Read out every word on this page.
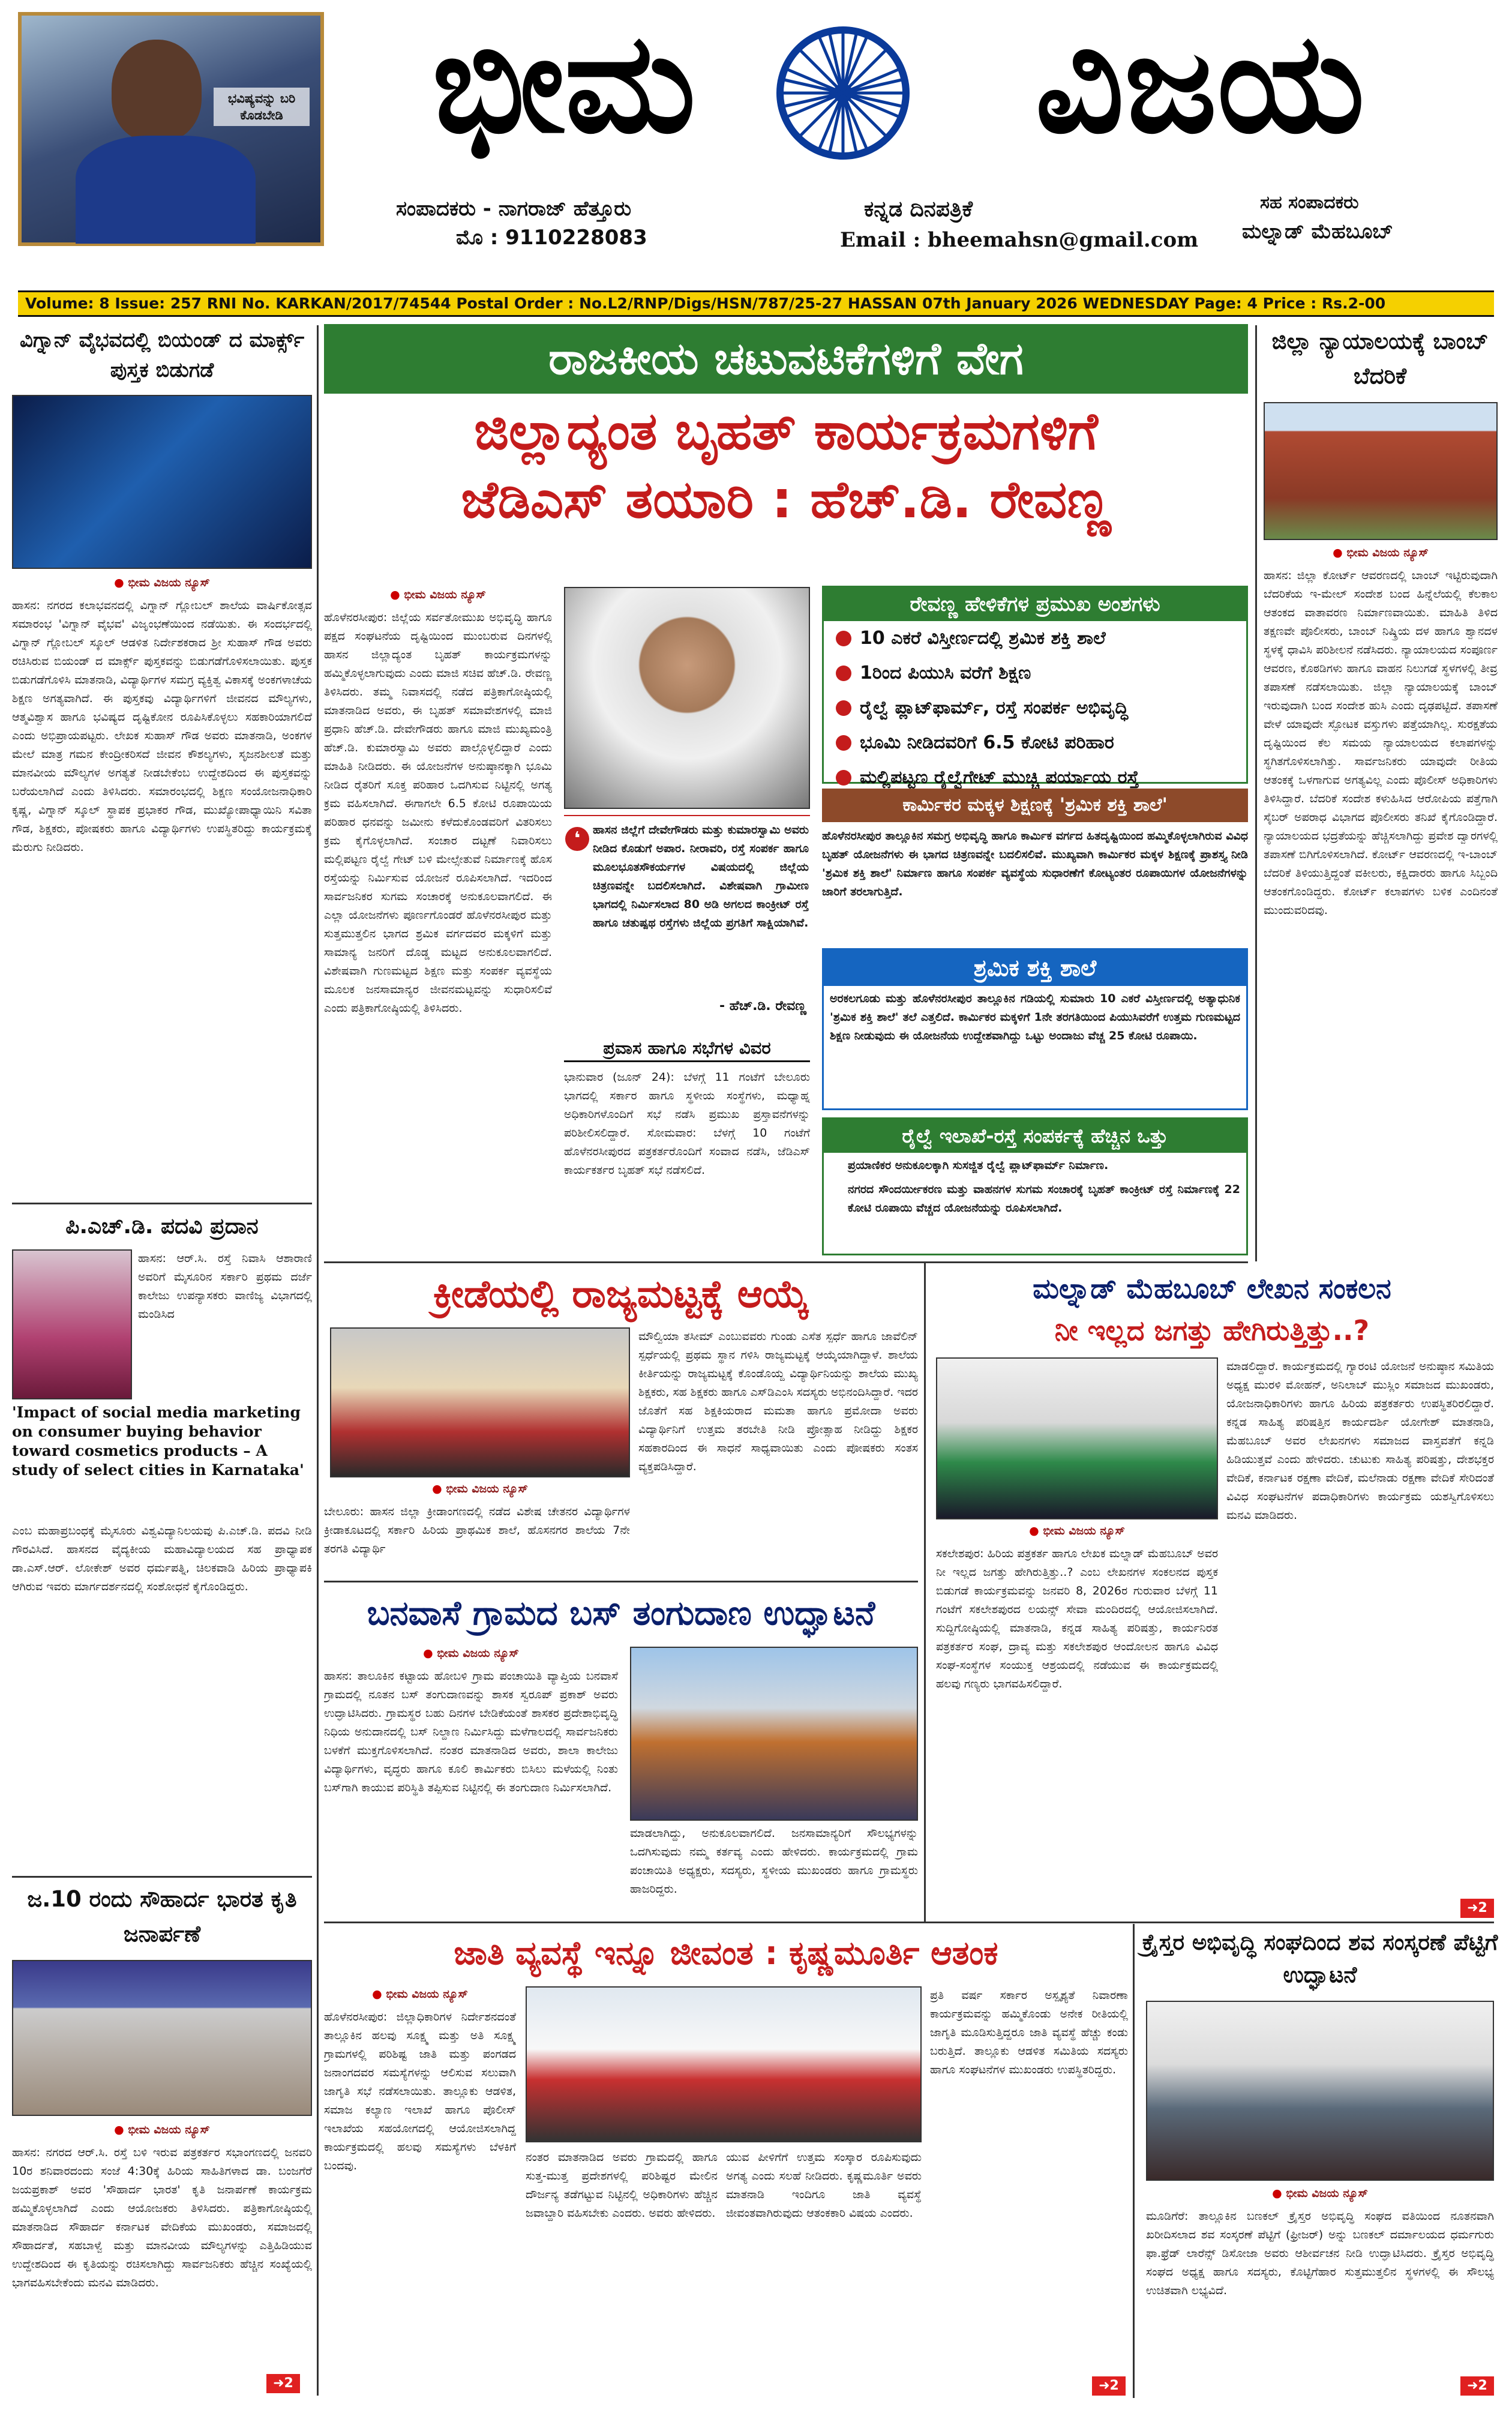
ಭವಿಷ್ಯವನ್ನು ಬರಿ ಕೊಡಬೇಡಿ	ಭೀಮ	ವಿಜಯ
ಸಂಪಾದಕರು - ನಾಗರಾಜ್ ಹೆತ್ತೂರು
ಮೊ : 9110228083
ಕನ್ನಡ ದಿನಪತ್ರಿಕೆ
Email : bheemahsn@gmail.com
ಸಹ ಸಂಪಾದಕರು
ಮಲ್ನಾಡ್ ಮೆಹಬೂಬ್
Volume: 8 Issue: 257 RNI No. KARKAN/2017/74544 Postal Order : No.L2/RNP/Digs/HSN/787/25-27 HASSAN 07th January 2026 WEDNESDAY Page: 4 Price : Rs.2-00
ವಿಗ್ನಾನ್ ವೈಭವದಲ್ಲಿ ಬಿಯಂಡ್ ದ ಮಾರ್ಕ್ಸ್ ಪುಸ್ತಕ ಬಿಡುಗಡೆ
● ಭೀಮ ವಿಜಯ ನ್ಯೂಸ್
ಹಾಸನ: ನಗರದ ಕಲಾಭವನದಲ್ಲಿ ವಿಗ್ನಾನ್ ಗ್ಲೋಬಲ್ ಶಾಲೆಯ ವಾರ್ಷಿಕೋತ್ಸವ ಸಮಾರಂಭ 'ವಿಗ್ನಾನ್ ವೈಭವ' ವಿಜೃಂಭಣೆಯಿಂದ ನಡೆಯಿತು. ಈ ಸಂದರ್ಭದಲ್ಲಿ ವಿಗ್ನಾನ್ ಗ್ಲೋಬಲ್ ಸ್ಕೂಲ್ ಆಡಳಿತ ನಿರ್ದೇಶಕರಾದ ಶ್ರೀ ಸುಹಾಸ್ ಗೌಡ ಅವರು ರಚಿಸಿರುವ ಬಿಯಂಡ್ ದ ಮಾರ್ಕ್ಸ್ ಪುಸ್ತಕವನ್ನು ಬಿಡುಗಡೆಗೊಳಿಸಲಾಯಿತು. ಪುಸ್ತಕ ಬಿಡುಗಡೆಗೊಳಿಸಿ ಮಾತನಾಡಿ, ವಿದ್ಯಾರ್ಥಿಗಳ ಸಮಗ್ರ ವ್ಯಕ್ತಿತ್ವ ವಿಕಾಸಕ್ಕೆ ಅಂಕಗಳಾಚೆಯ ಶಿಕ್ಷಣ ಅಗತ್ಯವಾಗಿದೆ. ಈ ಪುಸ್ತಕವು ವಿದ್ಯಾರ್ಥಿಗಳಿಗೆ ಜೀವನದ ಮೌಲ್ಯಗಳು, ಆತ್ಮವಿಶ್ವಾಸ ಹಾಗೂ ಭವಿಷ್ಯದ ದೃಷ್ಟಿಕೋನ ರೂಪಿಸಿಕೊಳ್ಳಲು ಸಹಕಾರಿಯಾಗಲಿದೆ ಎಂದು ಅಭಿಪ್ರಾಯಪಟ್ಟರು. ಲೇಖಕ ಸುಹಾಸ್ ಗೌಡ ಅವರು ಮಾತನಾಡಿ, ಅಂಕಗಳ ಮೇಲೆ ಮಾತ್ರ ಗಮನ ಕೇಂದ್ರೀಕರಿಸದೆ ಜೀವನ ಕೌಶಲ್ಯಗಳು, ಸೃಜನಶೀಲತೆ ಮತ್ತು ಮಾನವೀಯ ಮೌಲ್ಯಗಳ ಅಗತ್ಯತೆ ನೀಡಬೇಕೆಂಬ ಉದ್ದೇಶದಿಂದ ಈ ಪುಸ್ತಕವನ್ನು ಬರೆಯಲಾಗಿದೆ ಎಂದು ತಿಳಿಸಿದರು. ಸಮಾರಂಭದಲ್ಲಿ ಶಿಕ್ಷಣ ಸಂಯೋಜನಾಧಿಕಾರಿ ಕೃಷ್ಣ, ವಿಗ್ನಾನ್ ಸ್ಕೂಲ್ ಸ್ಥಾಪಕ ಪ್ರಭಾಕರ ಗೌಡ, ಮುಖ್ಯೋಪಾಧ್ಯಾಯಿನಿ ಸವಿತಾ ಗೌಡ, ಶಿಕ್ಷಕರು, ಪೋಷಕರು ಹಾಗೂ ವಿದ್ಯಾರ್ಥಿಗಳು ಉಪಸ್ಥಿತರಿದ್ದು ಕಾರ್ಯಕ್ರಮಕ್ಕೆ ಮೆರುಗು ನೀಡಿದರು.
ಪಿ.ಎಚ್.ಡಿ. ಪದವಿ ಪ್ರದಾನ
ಹಾಸನ: ಆರ್.ಸಿ. ರಸ್ತೆ ನಿವಾಸಿ ಆಶಾರಾಣಿ ಅವರಿಗೆ ಮೈಸೂರಿನ ಸರ್ಕಾರಿ ಪ್ರಥಮ ದರ್ಜೆ ಕಾಲೇಜು ಉಪನ್ಯಾಸಕರು ವಾಣಿಜ್ಯ ವಿಭಾಗದಲ್ಲಿ ಮಂಡಿಸಿದ
'Impact of social media marketing on consumer buying behavior toward cosmetics products – A study of select cities in Karnataka'
ಎಂಬ ಮಹಾಪ್ರಬಂಧಕ್ಕೆ ಮೈಸೂರು ವಿಶ್ವವಿದ್ಯಾನಿಲಯವು ಪಿ.ಎಚ್.ಡಿ. ಪದವಿ ನೀಡಿ ಗೌರವಿಸಿದೆ. ಹಾಸನದ ವೈದ್ಯಕೀಯ ಮಹಾವಿದ್ಯಾಲಯದ ಸಹ ಪ್ರಾಧ್ಯಾಪಕ ಡಾ.ಎಸ್.ಆರ್. ಲೋಕೇಶ್ ಅವರ ಧರ್ಮಪತ್ನಿ, ಚಿಲಕವಾಡಿ ಹಿರಿಯ ಪ್ರಾಧ್ಯಾಪಕಿ ಆಗಿರುವ ಇವರು ಮಾರ್ಗದರ್ಶನದಲ್ಲಿ ಸಂಶೋಧನೆ ಕೈಗೊಂಡಿದ್ದರು.
ಜ.10 ರಂದು ಸೌಹಾರ್ದ ಭಾರತ ಕೃತಿ ಜನಾರ್ಪಣೆ
● ಭೀಮ ವಿಜಯ ನ್ಯೂಸ್
ಹಾಸನ: ನಗರದ ಆರ್.ಸಿ. ರಸ್ತೆ ಬಳಿ ಇರುವ ಪತ್ರಕರ್ತರ ಸಭಾಂಗಣದಲ್ಲಿ ಜನವರಿ 10ರ ಶನಿವಾರದಂದು ಸಂಜೆ 4:30ಕ್ಕೆ ಹಿರಿಯ ಸಾಹಿತಿಗಳಾದ ಡಾ. ಬಂಜಗೆರೆ ಜಯಪ್ರಕಾಶ್ ಅವರ 'ಸೌಹಾರ್ದ ಭಾರತ' ಕೃತಿ ಜನಾರ್ಪಣೆ ಕಾರ್ಯಕ್ರಮ ಹಮ್ಮಿಕೊಳ್ಳಲಾಗಿದೆ ಎಂದು ಆಯೋಜಕರು ತಿಳಿಸಿದರು. ಪತ್ರಿಕಾಗೋಷ್ಠಿಯಲ್ಲಿ ಮಾತನಾಡಿದ ಸೌಹಾರ್ದ ಕರ್ನಾಟಕ ವೇದಿಕೆಯ ಮುಖಂಡರು, ಸಮಾಜದಲ್ಲಿ ಸೌಹಾರ್ದತೆ, ಸಹಬಾಳ್ವೆ ಮತ್ತು ಮಾನವೀಯ ಮೌಲ್ಯಗಳನ್ನು ಎತ್ತಿಹಿಡಿಯುವ ಉದ್ದೇಶದಿಂದ ಈ ಕೃತಿಯನ್ನು ರಚಿಸಲಾಗಿದ್ದು ಸಾರ್ವಜನಿಕರು ಹೆಚ್ಚಿನ ಸಂಖ್ಯೆಯಲ್ಲಿ ಭಾಗವಹಿಸಬೇಕೆಂದು ಮನವಿ ಮಾಡಿದರು.
➜2
ರಾಜಕೀಯ ಚಟುವಟಿಕೆಗಳಿಗೆ ವೇಗ
ಜಿಲ್ಲಾದ್ಯಂತ ಬೃಹತ್ ಕಾರ್ಯಕ್ರಮಗಳಿಗೆ
ಜೆಡಿಎಸ್ ತಯಾರಿ : ಹೆಚ್.ಡಿ. ರೇವಣ್ಣ
● ಭೀಮ ವಿಜಯ ನ್ಯೂಸ್
ಹೊಳೆನರಸೀಪುರ: ಜಿಲ್ಲೆಯ ಸರ್ವತೋಮುಖ ಅಭಿವೃದ್ಧಿ ಹಾಗೂ ಪಕ್ಷದ ಸಂಘಟನೆಯ ದೃಷ್ಟಿಯಿಂದ ಮುಂಬರುವ ದಿನಗಳಲ್ಲಿ ಹಾಸನ ಜಿಲ್ಲಾದ್ಯಂತ ಬೃಹತ್ ಕಾರ್ಯಕ್ರಮಗಳನ್ನು ಹಮ್ಮಿಕೊಳ್ಳಲಾಗುವುದು ಎಂದು ಮಾಜಿ ಸಚಿವ ಹೆಚ್.ಡಿ. ರೇವಣ್ಣ ತಿಳಿಸಿದರು. ತಮ್ಮ ನಿವಾಸದಲ್ಲಿ ನಡೆದ ಪತ್ರಿಕಾಗೋಷ್ಠಿಯಲ್ಲಿ ಮಾತನಾಡಿದ ಅವರು, ಈ ಬೃಹತ್ ಸಮಾವೇಶಗಳಲ್ಲಿ ಮಾಜಿ ಪ್ರಧಾನಿ ಹೆಚ್.ಡಿ. ದೇವೇಗೌಡರು ಹಾಗೂ ಮಾಜಿ ಮುಖ್ಯಮಂತ್ರಿ ಹೆಚ್.ಡಿ. ಕುಮಾರಸ್ವಾಮಿ ಅವರು ಪಾಲ್ಗೊಳ್ಳಲಿದ್ದಾರೆ ಎಂದು ಮಾಹಿತಿ ನೀಡಿದರು. ಈ ಯೋಜನೆಗಳ ಅನುಷ್ಠಾನಕ್ಕಾಗಿ ಭೂಮಿ ನೀಡಿದ ರೈತರಿಗೆ ಸೂಕ್ತ ಪರಿಹಾರ ಒದಗಿಸುವ ನಿಟ್ಟಿನಲ್ಲಿ ಅಗತ್ಯ ಕ್ರಮ ವಹಿಸಲಾಗಿದೆ. ಈಗಾಗಲೇ 6.5 ಕೋಟಿ ರೂಪಾಯಿಯ ಪರಿಹಾರ ಧನವನ್ನು ಜಮೀನು ಕಳೆದುಕೊಂಡವರಿಗೆ ವಿತರಿಸಲು ಕ್ರಮ ಕೈಗೊಳ್ಳಲಾಗಿದೆ. ಸಂಚಾರ ದಟ್ಟಣೆ ನಿವಾರಿಸಲು ಮಲ್ಲಿಪಟ್ಟಣ ರೈಲ್ವೆ ಗೇಟ್ ಬಳಿ ಮೇಲ್ಸೇತುವೆ ನಿರ್ಮಾಣಕ್ಕೆ ಹೊಸ ರಸ್ತೆಯನ್ನು ನಿರ್ಮಿಸುವ ಯೋಜನೆ ರೂಪಿಸಲಾಗಿದೆ. ಇದರಿಂದ ಸಾರ್ವಜನಿಕರ ಸುಗಮ ಸಂಚಾರಕ್ಕೆ ಅನುಕೂಲವಾಗಲಿದೆ. ಈ ಎಲ್ಲಾ ಯೋಜನೆಗಳು ಪೂರ್ಣಗೊಂಡರೆ ಹೊಳೆನರಸೀಪುರ ಮತ್ತು ಸುತ್ತಮುತ್ತಲಿನ ಭಾಗದ ಶ್ರಮಿಕ ವರ್ಗದವರ ಮಕ್ಕಳಿಗೆ ಮತ್ತು ಸಾಮಾನ್ಯ ಜನರಿಗೆ ದೊಡ್ಡ ಮಟ್ಟದ ಅನುಕೂಲವಾಗಲಿದೆ. ವಿಶೇಷವಾಗಿ ಗುಣಮಟ್ಟದ ಶಿಕ್ಷಣ ಮತ್ತು ಸಂಪರ್ಕ ವ್ಯವಸ್ಥೆಯ ಮೂಲಕ ಜನಸಾಮಾನ್ಯರ ಜೀವನಮಟ್ಟವನ್ನು ಸುಧಾರಿಸಲಿವೆ ಎಂದು ಪತ್ರಿಕಾಗೋಷ್ಠಿಯಲ್ಲಿ ತಿಳಿಸಿದರು.
❛	ಹಾಸನ ಜಿಲ್ಲೆಗೆ ದೇವೇಗೌಡರು ಮತ್ತು ಕುಮಾರಸ್ವಾಮಿ ಅವರು ನೀಡಿದ ಕೊಡುಗೆ ಅಪಾರ. ನೀರಾವರಿ, ರಸ್ತೆ ಸಂಪರ್ಕ ಹಾಗೂ ಮೂಲಭೂತಸೌಕರ್ಯಗಳ ವಿಷಯದಲ್ಲಿ ಜಿಲ್ಲೆಯ ಚಿತ್ರಣವನ್ನೇ ಬದಲಿಸಲಾಗಿದೆ. ವಿಶೇಷವಾಗಿ ಗ್ರಾಮೀಣ ಭಾಗದಲ್ಲಿ ನಿರ್ಮಿಸಲಾದ 80 ಅಡಿ ಅಗಲದ ಕಾಂಕ್ರೀಟ್ ರಸ್ತೆ ಹಾಗೂ ಚತುಷ್ಪಥ ರಸ್ತೆಗಳು ಜಿಲ್ಲೆಯ ಪ್ರಗತಿಗೆ ಸಾಕ್ಷಿಯಾಗಿವೆ.
- ಹೆಚ್.ಡಿ. ರೇವಣ್ಣ
ಪ್ರವಾಸ ಹಾಗೂ ಸಭೆಗಳ ವಿವರ
ಭಾನುವಾರ (ಜೂನ್ 24): ಬೆಳಗ್ಗೆ 11 ಗಂಟೆಗೆ ಬೇಲೂರು ಭಾಗದಲ್ಲಿ ಸರ್ಕಾರ ಹಾಗೂ ಸ್ಥಳೀಯ ಸಂಸ್ಥೆಗಳು, ಮಧ್ಯಾಹ್ನ ಅಧಿಕಾರಿಗಳೊಂದಿಗೆ ಸಭೆ ನಡೆಸಿ ಪ್ರಮುಖ ಪ್ರಸ್ತಾವನೆಗಳನ್ನು ಪರಿಶೀಲಿಸಲಿದ್ದಾರೆ. ಸೋಮವಾರ: ಬೆಳಗ್ಗೆ 10 ಗಂಟೆಗೆ ಹೊಳೆನರಸೀಪುರದ ಪತ್ರಕರ್ತರೊಂದಿಗೆ ಸಂವಾದ ನಡೆಸಿ, ಜೆಡಿಎಸ್ ಕಾರ್ಯಕರ್ತರ ಬೃಹತ್ ಸಭೆ ನಡೆಸಲಿದೆ.
ರೇವಣ್ಣ ಹೇಳಿಕೆಗಳ ಪ್ರಮುಖ ಅಂಶಗಳು
10 ಎಕರೆ ವಿಸ್ತೀರ್ಣದಲ್ಲಿ ಶ್ರಮಿಕ ಶಕ್ತಿ ಶಾಲೆ
1ರಿಂದ ಪಿಯುಸಿ ವರೆಗೆ ಶಿಕ್ಷಣ
ರೈಲ್ವೆ ಪ್ಲಾಟ್‌ಫಾರ್ಮ್, ರಸ್ತೆ ಸಂಪರ್ಕ ಅಭಿವೃದ್ಧಿ
ಭೂಮಿ ನೀಡಿದವರಿಗೆ 6.5 ಕೋಟಿ ಪರಿಹಾರ
ಮಲ್ಲಿಪಟ್ಟಣ ರೈಲ್ವೆಗೇಟ್ ಮುಚ್ಚಿ ಪರ್ಯಾಯ ರಸ್ತೆ
ಕಾರ್ಮಿಕರ ಮಕ್ಕಳ ಶಿಕ್ಷಣಕ್ಕೆ 'ಶ್ರಮಿಕ ಶಕ್ತಿ ಶಾಲೆ'
ಹೊಳೆನರಸೀಪುರ ತಾಲ್ಲೂಕಿನ ಸಮಗ್ರ ಅಭಿವೃದ್ಧಿ ಹಾಗೂ ಕಾರ್ಮಿಕ ವರ್ಗದ ಹಿತದೃಷ್ಟಿಯಿಂದ ಹಮ್ಮಿಕೊಳ್ಳಲಾಗಿರುವ ವಿವಿಧ ಬೃಹತ್ ಯೋಜನೆಗಳು ಈ ಭಾಗದ ಚಿತ್ರಣವನ್ನೇ ಬದಲಿಸಲಿವೆ. ಮುಖ್ಯವಾಗಿ ಕಾರ್ಮಿಕರ ಮಕ್ಕಳ ಶಿಕ್ಷಣಕ್ಕೆ ಪ್ರಾಶಸ್ತ್ಯ ನೀಡಿ 'ಶ್ರಮಿಕ ಶಕ್ತಿ ಶಾಲೆ' ನಿರ್ಮಾಣ ಹಾಗೂ ಸಂಪರ್ಕ ವ್ಯವಸ್ಥೆಯ ಸುಧಾರಣೆಗೆ ಕೋಟ್ಯಂತರ ರೂಪಾಯಿಗಳ ಯೋಜನೆಗಳನ್ನು ಜಾರಿಗೆ ತರಲಾಗುತ್ತಿದೆ.
ಶ್ರಮಿಕ ಶಕ್ತಿ ಶಾಲೆ
ಅರಕಲಗೂಡು ಮತ್ತು ಹೊಳೆನರಸೀಪುರ ತಾಲ್ಲೂಕಿನ ಗಡಿಯಲ್ಲಿ ಸುಮಾರು 10 ಎಕರೆ ವಿಸ್ತೀರ್ಣದಲ್ಲಿ ಅತ್ಯಾಧುನಿಕ 'ಶ್ರಮಿಕ ಶಕ್ತಿ ಶಾಲೆ' ತಲೆ ಎತ್ತಲಿದೆ. ಕಾರ್ಮಿಕರ ಮಕ್ಕಳಿಗೆ 1ನೇ ತರಗತಿಯಿಂದ ಪಿಯುಸಿವರೆಗೆ ಉತ್ತಮ ಗುಣಮಟ್ಟದ ಶಿಕ್ಷಣ ನೀಡುವುದು ಈ ಯೋಜನೆಯ ಉದ್ದೇಶವಾಗಿದ್ದು ಒಟ್ಟು ಅಂದಾಜು ವೆಚ್ಚ 25 ಕೋಟಿ ರೂಪಾಯಿ.
ರೈಲ್ವೆ ಇಲಾಖೆ-ರಸ್ತೆ ಸಂಪರ್ಕಕ್ಕೆ ಹೆಚ್ಚಿನ ಒತ್ತು
ಪ್ರಯಾಣಿಕರ ಅನುಕೂಲಕ್ಕಾಗಿ ಸುಸಜ್ಜಿತ ರೈಲ್ವೆ ಪ್ಲಾಟ್‌ಫಾರ್ಮ್ ನಿರ್ಮಾಣ.
ನಗರದ ಸೌಂದರ್ಯೀಕರಣ ಮತ್ತು ವಾಹನಗಳ ಸುಗಮ ಸಂಚಾರಕ್ಕೆ ಬೃಹತ್ ಕಾಂಕ್ರೀಟ್ ರಸ್ತೆ ನಿರ್ಮಾಣಕ್ಕೆ 22 ಕೋಟಿ ರೂಪಾಯಿ ವೆಚ್ಚದ ಯೋಜನೆಯನ್ನು ರೂಪಿಸಲಾಗಿದೆ.
ಕ್ರೀಡೆಯಲ್ಲಿ ರಾಜ್ಯಮಟ್ಟಕ್ಕೆ ಆಯ್ಕೆ
● ಭೀಮ ವಿಜಯ ನ್ಯೂಸ್
ಬೇಲೂರು: ಹಾಸನ ಜಿಲ್ಲಾ ಕ್ರೀಡಾಂಗಣದಲ್ಲಿ ನಡೆದ ವಿಶೇಷ ಚೇತನರ ವಿದ್ಯಾರ್ಥಿಗಳ ಕ್ರೀಡಾಕೂಟದಲ್ಲಿ ಸರ್ಕಾರಿ ಹಿರಿಯ ಪ್ರಾಥಮಿಕ ಶಾಲೆ, ಹೊಸನಗರ ಶಾಲೆಯ 7ನೇ ತರಗತಿ ವಿದ್ಯಾರ್ಥಿ
ಮೌಲ್ವಿಯಾ ತಸೀಮ್ ಎಂಬುವವರು ಗುಂಡು ಎಸೆತ ಸ್ಪರ್ಧೆ ಹಾಗೂ ಜಾವೆಲಿನ್ ಸ್ಪರ್ಧೆಯಲ್ಲಿ ಪ್ರಥಮ ಸ್ಥಾನ ಗಳಿಸಿ ರಾಜ್ಯಮಟ್ಟಕ್ಕೆ ಆಯ್ಕೆಯಾಗಿದ್ದಾಳೆ. ಶಾಲೆಯ ಕೀರ್ತಿಯನ್ನು ರಾಜ್ಯಮಟ್ಟಕ್ಕೆ ಕೊಂಡೊಯ್ದ ವಿದ್ಯಾರ್ಥಿನಿಯನ್ನು ಶಾಲೆಯ ಮುಖ್ಯ ಶಿಕ್ಷಕರು, ಸಹ ಶಿಕ್ಷಕರು ಹಾಗೂ ಎಸ್‌ಡಿಎಂಸಿ ಸದಸ್ಯರು ಅಭಿನಂದಿಸಿದ್ದಾರೆ. ಇದರ ಜೊತೆಗೆ ಸಹ ಶಿಕ್ಷಕಿಯರಾದ ಮಮತಾ ಹಾಗೂ ಪ್ರಮೋದಾ ಅವರು ವಿದ್ಯಾರ್ಥಿನಿಗೆ ಉತ್ತಮ ತರಬೇತಿ ನೀಡಿ ಪ್ರೋತ್ಸಾಹ ನೀಡಿದ್ದು ಶಿಕ್ಷಕರ ಸಹಕಾರದಿಂದ ಈ ಸಾಧನೆ ಸಾಧ್ಯವಾಯಿತು ಎಂದು ಪೋಷಕರು ಸಂತಸ ವ್ಯಕ್ತಪಡಿಸಿದ್ದಾರೆ.
ಬನವಾಸೆ ಗ್ರಾಮದ ಬಸ್ ತಂಗುದಾಣ ಉದ್ಘಾಟನೆ
● ಭೀಮ ವಿಜಯ ನ್ಯೂಸ್
ಹಾಸನ: ತಾಲೂಕಿನ ಕಟ್ಟಾಯ ಹೋಬಳಿ ಗ್ರಾಮ ಪಂಚಾಯಿತಿ ವ್ಯಾಪ್ತಿಯ ಬನವಾಸೆ ಗ್ರಾಮದಲ್ಲಿ ನೂತನ ಬಸ್ ತಂಗುದಾಣವನ್ನು ಶಾಸಕ ಸ್ವರೂಪ್ ಪ್ರಕಾಶ್ ಅವರು ಉದ್ಘಾಟಿಸಿದರು. ಗ್ರಾಮಸ್ಥರ ಬಹು ದಿನಗಳ ಬೇಡಿಕೆಯಂತೆ ಶಾಸಕರ ಪ್ರದೇಶಾಭಿವೃದ್ಧಿ ನಿಧಿಯ ಅನುದಾನದಲ್ಲಿ ಬಸ್ ನಿಲ್ದಾಣ ನಿರ್ಮಿಸಿದ್ದು ಮಳೆಗಾಲದಲ್ಲಿ ಸಾರ್ವಜನಿಕರು ಬಳಕೆಗೆ ಮುಕ್ತಗೊಳಿಸಲಾಗಿದೆ. ನಂತರ ಮಾತನಾಡಿದ ಅವರು, ಶಾಲಾ ಕಾಲೇಜು ವಿದ್ಯಾರ್ಥಿಗಳು, ವೃದ್ಧರು ಹಾಗೂ ಕೂಲಿ ಕಾರ್ಮಿಕರು ಬಿಸಿಲು ಮಳೆಯಲ್ಲಿ ನಿಂತು ಬಸ್‌ಗಾಗಿ ಕಾಯುವ ಪರಿಸ್ಥಿತಿ ತಪ್ಪಿಸುವ ನಿಟ್ಟಿನಲ್ಲಿ ಈ ತಂಗುದಾಣ ನಿರ್ಮಿಸಲಾಗಿದೆ.
ಮಾಡಲಾಗಿದ್ದು, ಅನುಕೂಲವಾಗಲಿದೆ. ಜನಸಾಮಾನ್ಯರಿಗೆ ಸೌಲಭ್ಯಗಳನ್ನು ಒದಗಿಸುವುದು ನಮ್ಮ ಕರ್ತವ್ಯ ಎಂದು ಹೇಳಿದರು. ಕಾರ್ಯಕ್ರಮದಲ್ಲಿ ಗ್ರಾಮ ಪಂಚಾಯಿತಿ ಅಧ್ಯಕ್ಷರು, ಸದಸ್ಯರು, ಸ್ಥಳೀಯ ಮುಖಂಡರು ಹಾಗೂ ಗ್ರಾಮಸ್ಥರು ಹಾಜರಿದ್ದರು.
ಮಲ್ನಾಡ್ ಮೆಹಬೂಬ್ ಲೇಖನ ಸಂಕಲನ
ನೀ ಇಲ್ಲದ ಜಗತ್ತು ಹೇಗಿರುತ್ತಿತ್ತು..?
● ಭೀಮ ವಿಜಯ ನ್ಯೂಸ್
ಸಕಲೇಶಪುರ: ಹಿರಿಯ ಪತ್ರಕರ್ತ ಹಾಗೂ ಲೇಖಕ ಮಲ್ನಾಡ್ ಮೆಹಬೂಬ್ ಅವರ ನೀ ಇಲ್ಲದ ಜಗತ್ತು ಹೇಗಿರುತ್ತಿತ್ತು..? ಎಂಬ ಲೇಖನಗಳ ಸಂಕಲನದ ಪುಸ್ತಕ ಬಿಡುಗಡೆ ಕಾರ್ಯಕ್ರಮವನ್ನು ಜನವರಿ 8, 2026ರ ಗುರುವಾರ ಬೆಳಗ್ಗೆ 11 ಗಂಟೆಗೆ ಸಕಲೇಶಪುರದ ಲಯನ್ಸ್ ಸೇವಾ ಮಂದಿರದಲ್ಲಿ ಆಯೋಜಿಸಲಾಗಿದೆ. ಸುದ್ದಿಗೋಷ್ಠಿಯಲ್ಲಿ ಮಾತನಾಡಿ, ಕನ್ನಡ ಸಾಹಿತ್ಯ ಪರಿಷತ್ತು, ಕಾರ್ಯನಿರತ ಪತ್ರಕರ್ತರ ಸಂಘ, ದ್ರಾವ್ಯ ಮತ್ತು ಸಕಲೇಶಪುರ ಆಂದೋಲನ ಹಾಗೂ ವಿವಿಧ ಸಂಘ-ಸಂಸ್ಥೆಗಳ ಸಂಯುಕ್ತ ಆಶ್ರಯದಲ್ಲಿ ನಡೆಯುವ ಈ ಕಾರ್ಯಕ್ರಮದಲ್ಲಿ ಹಲವು ಗಣ್ಯರು ಭಾಗವಹಿಸಲಿದ್ದಾರೆ.
ಮಾಡಲಿದ್ದಾರೆ. ಕಾರ್ಯಕ್ರಮದಲ್ಲಿ ಗ್ಯಾರಂಟಿ ಯೋಜನೆ ಅನುಷ್ಠಾನ ಸಮಿತಿಯ ಅಧ್ಯಕ್ಷ ಮುರಳಿ ಮೋಹನ್, ಅನಿಲಾಬ್ ಮುಸ್ಲಿಂ ಸಮಾಜದ ಮುಖಂಡರು, ಯೋಜನಾಧಿಕಾರಿಗಳು ಹಾಗೂ ಹಿರಿಯ ಪತ್ರಕರ್ತರು ಉಪಸ್ಥಿತರಿರಲಿದ್ದಾರೆ. ಕನ್ನಡ ಸಾಹಿತ್ಯ ಪರಿಷತ್ತಿನ ಕಾರ್ಯದರ್ಶಿ ಯೋಗೇಶ್ ಮಾತನಾಡಿ, ಮೆಹಬೂಬ್ ಅವರ ಲೇಖನಗಳು ಸಮಾಜದ ವಾಸ್ತವತೆಗೆ ಕನ್ನಡಿ ಹಿಡಿಯುತ್ತವೆ ಎಂದು ಹೇಳಿದರು. ಚುಟುಕು ಸಾಹಿತ್ಯ ಪರಿಷತ್ತು, ದೇಶಭಕ್ತರ ವೇದಿಕೆ, ಕರ್ನಾಟಕ ರಕ್ಷಣಾ ವೇದಿಕೆ, ಮಲೆನಾಡು ರಕ್ಷಣಾ ವೇದಿಕೆ ಸೇರಿದಂತೆ ವಿವಿಧ ಸಂಘಟನೆಗಳ ಪದಾಧಿಕಾರಿಗಳು ಕಾರ್ಯಕ್ರಮ ಯಶಸ್ವಿಗೊಳಿಸಲು ಮನವಿ ಮಾಡಿದರು.
➜2
ಜಾತಿ ವ್ಯವಸ್ಥೆ ಇನ್ನೂ ಜೀವಂತ : ಕೃಷ್ಣಮೂರ್ತಿ ಆತಂಕ
● ಭೀಮ ವಿಜಯ ನ್ಯೂಸ್
ಹೊಳೆನರಸೀಪುರ: ಜಿಲ್ಲಾಧಿಕಾರಿಗಳ ನಿರ್ದೇಶನದಂತೆ ತಾಲ್ಲೂಕಿನ ಹಲವು ಸೂಕ್ಷ್ಮ ಮತ್ತು ಅತಿ ಸೂಕ್ಷ್ಮ ಗ್ರಾಮಗಳಲ್ಲಿ ಪರಿಶಿಷ್ಟ ಜಾತಿ ಮತ್ತು ಪಂಗಡದ ಜನಾಂಗದವರ ಸಮಸ್ಯೆಗಳನ್ನು ಆಲಿಸುವ ಸಲುವಾಗಿ ಜಾಗೃತಿ ಸಭೆ ನಡೆಸಲಾಯಿತು. ತಾಲ್ಲೂಕು ಆಡಳಿತ, ಸಮಾಜ ಕಲ್ಯಾಣ ಇಲಾಖೆ ಹಾಗೂ ಪೊಲೀಸ್ ಇಲಾಖೆಯ ಸಹಯೋಗದಲ್ಲಿ ಆಯೋಜಿಸಲಾಗಿದ್ದ ಕಾರ್ಯಕ್ರಮದಲ್ಲಿ ಹಲವು ಸಮಸ್ಯೆಗಳು ಬೆಳಕಿಗೆ ಬಂದವು.
ನಂತರ ಮಾತನಾಡಿದ ಅವರು ಗ್ರಾಮದಲ್ಲಿ ಹಾಗೂ ಸುತ್ತ-ಮುತ್ತ ಪ್ರದೇಶಗಳಲ್ಲಿ ಪರಿಶಿಷ್ಟರ ಮೇಲಿನ ದೌರ್ಜನ್ಯ ತಡೆಗಟ್ಟುವ ನಿಟ್ಟಿನಲ್ಲಿ ಅಧಿಕಾರಿಗಳು ಹೆಚ್ಚಿನ ಜವಾಬ್ದಾರಿ ವಹಿಸಬೇಕು ಎಂದರು. ಅವರು ಹೇಳಿದರು.
ಯುವ ಪೀಳಿಗೆಗೆ ಉತ್ತಮ ಸಂಸ್ಕಾರ ರೂಪಿಸುವುದು ಅಗತ್ಯ ಎಂದು ಸಲಹೆ ನೀಡಿದರು. ಕೃಷ್ಣಮೂರ್ತಿ ಅವರು ಮಾತನಾಡಿ ಇಂದಿಗೂ ಜಾತಿ ವ್ಯವಸ್ಥೆ ಜೀವಂತವಾಗಿರುವುದು ಆತಂಕಕಾರಿ ವಿಷಯ ಎಂದರು.
ಪ್ರತಿ ವರ್ಷ ಸರ್ಕಾರ ಅಸ್ಪೃಶ್ಯತೆ ನಿವಾರಣಾ ಕಾರ್ಯಕ್ರಮವನ್ನು ಹಮ್ಮಿಕೊಂಡು ಅನೇಕ ರೀತಿಯಲ್ಲಿ ಜಾಗೃತಿ ಮೂಡಿಸುತ್ತಿದ್ದರೂ ಜಾತಿ ವ್ಯವಸ್ಥೆ ಹೆಚ್ಚು ಕಂಡು ಬರುತ್ತಿದೆ. ತಾಲ್ಲೂಕು ಆಡಳಿತ ಸಮಿತಿಯ ಸದಸ್ಯರು ಹಾಗೂ ಸಂಘಟನೆಗಳ ಮುಖಂಡರು ಉಪಸ್ಥಿತರಿದ್ದರು.
➜2
ಜಿಲ್ಲಾ ನ್ಯಾಯಾಲಯಕ್ಕೆ ಬಾಂಬ್ ಬೆದರಿಕೆ
● ಭೀಮ ವಿಜಯ ನ್ಯೂಸ್
ಹಾಸನ: ಜಿಲ್ಲಾ ಕೋರ್ಟ್ ಆವರಣದಲ್ಲಿ ಬಾಂಬ್ ಇಟ್ಟಿರುವುದಾಗಿ ಬೆದರಿಕೆಯ ಇ-ಮೇಲ್ ಸಂದೇಶ ಬಂದ ಹಿನ್ನೆಲೆಯಲ್ಲಿ ಕೆಲಕಾಲ ಆತಂಕದ ವಾತಾವರಣ ನಿರ್ಮಾಣವಾಯಿತು. ಮಾಹಿತಿ ತಿಳಿದ ತಕ್ಷಣವೇ ಪೊಲೀಸರು, ಬಾಂಬ್ ನಿಷ್ಕ್ರಿಯ ದಳ ಹಾಗೂ ಶ್ವಾನದಳ ಸ್ಥಳಕ್ಕೆ ಧಾವಿಸಿ ಪರಿಶೀಲನೆ ನಡೆಸಿದರು. ನ್ಯಾಯಾಲಯದ ಸಂಪೂರ್ಣ ಆವರಣ, ಕೊಠಡಿಗಳು ಹಾಗೂ ವಾಹನ ನಿಲುಗಡೆ ಸ್ಥಳಗಳಲ್ಲಿ ತೀವ್ರ ತಪಾಸಣೆ ನಡೆಸಲಾಯಿತು. ಜಿಲ್ಲಾ ನ್ಯಾಯಾಲಯಕ್ಕೆ ಬಾಂಬ್ ಇರುವುದಾಗಿ ಬಂದ ಸಂದೇಶ ಹುಸಿ ಎಂದು ದೃಢಪಟ್ಟಿದೆ. ತಪಾಸಣೆ ವೇಳೆ ಯಾವುದೇ ಸ್ಫೋಟಕ ವಸ್ತುಗಳು ಪತ್ತೆಯಾಗಿಲ್ಲ. ಸುರಕ್ಷತೆಯ ದೃಷ್ಟಿಯಿಂದ ಕೆಲ ಸಮಯ ನ್ಯಾಯಾಲಯದ ಕಲಾಪಗಳನ್ನು ಸ್ಥಗಿತಗೊಳಿಸಲಾಗಿತ್ತು. ಸಾರ್ವಜನಿಕರು ಯಾವುದೇ ರೀತಿಯ ಆತಂಕಕ್ಕೆ ಒಳಗಾಗುವ ಅಗತ್ಯವಿಲ್ಲ ಎಂದು ಪೊಲೀಸ್ ಅಧಿಕಾರಿಗಳು ತಿಳಿಸಿದ್ದಾರೆ. ಬೆದರಿಕೆ ಸಂದೇಶ ಕಳುಹಿಸಿದ ಆರೋಪಿಯ ಪತ್ತೆಗಾಗಿ ಸೈಬರ್ ಅಪರಾಧ ವಿಭಾಗದ ಪೊಲೀಸರು ತನಿಖೆ ಕೈಗೊಂಡಿದ್ದಾರೆ. ನ್ಯಾಯಾಲಯದ ಭದ್ರತೆಯನ್ನು ಹೆಚ್ಚಿಸಲಾಗಿದ್ದು ಪ್ರವೇಶ ದ್ವಾರಗಳಲ್ಲಿ ತಪಾಸಣೆ ಬಿಗಿಗೊಳಿಸಲಾಗಿದೆ. ಕೋರ್ಟ್ ಆವರಣದಲ್ಲಿ ಇ-ಬಾಂಬ್ ಬೆದರಿಕೆ ತಿಳಿಯುತ್ತಿದ್ದಂತೆ ವಕೀಲರು, ಕಕ್ಷಿದಾರರು ಹಾಗೂ ಸಿಬ್ಬಂದಿ ಆತಂಕಗೊಂಡಿದ್ದರು. ಕೋರ್ಟ್ ಕಲಾಪಗಳು ಬಳಿಕ ಎಂದಿನಂತೆ ಮುಂದುವರಿದವು.
ಕ್ರೈಸ್ತರ ಅಭಿವೃದ್ಧಿ ಸಂಘದಿಂದ ಶವ ಸಂಸ್ಕರಣೆ ಪೆಟ್ಟಿಗೆ ಉದ್ಘಾಟನೆ
● ಭೀಮ ವಿಜಯ ನ್ಯೂಸ್
ಮೂಡಿಗೆರೆ: ತಾಲ್ಲೂಕಿನ ಬಣಕಲ್ ಕ್ರೈಸ್ತರ ಅಭಿವೃದ್ಧಿ ಸಂಘದ ವತಿಯಿಂದ ನೂತನವಾಗಿ ಖರೀದಿಸಲಾದ ಶವ ಸಂಸ್ಕರಣೆ ಪೆಟ್ಟಿಗೆ (ಫ್ರೀಜರ್) ಅನ್ನು ಬಣಕಲ್ ದರ್ಮಾಲಯದ ಧರ್ಮಗುರು ಫಾ.ಫ್ರೆಡ್ ಲಾರೆನ್ಸ್ ಡಿಸೋಜಾ ಅವರು ಆಶೀರ್ವಚನ ನೀಡಿ ಉದ್ಘಾಟಿಸಿದರು. ಕ್ರೈಸ್ತರ ಅಭಿವೃದ್ಧಿ ಸಂಘದ ಅಧ್ಯಕ್ಷ ಹಾಗೂ ಸದಸ್ಯರು, ಕೊಟ್ಟಿಗೆಹಾರ ಸುತ್ತಮುತ್ತಲಿನ ಸ್ಥಳಗಳಲ್ಲಿ ಈ ಸೌಲಭ್ಯ ಉಚಿತವಾಗಿ ಲಭ್ಯವಿದೆ.
➜2
